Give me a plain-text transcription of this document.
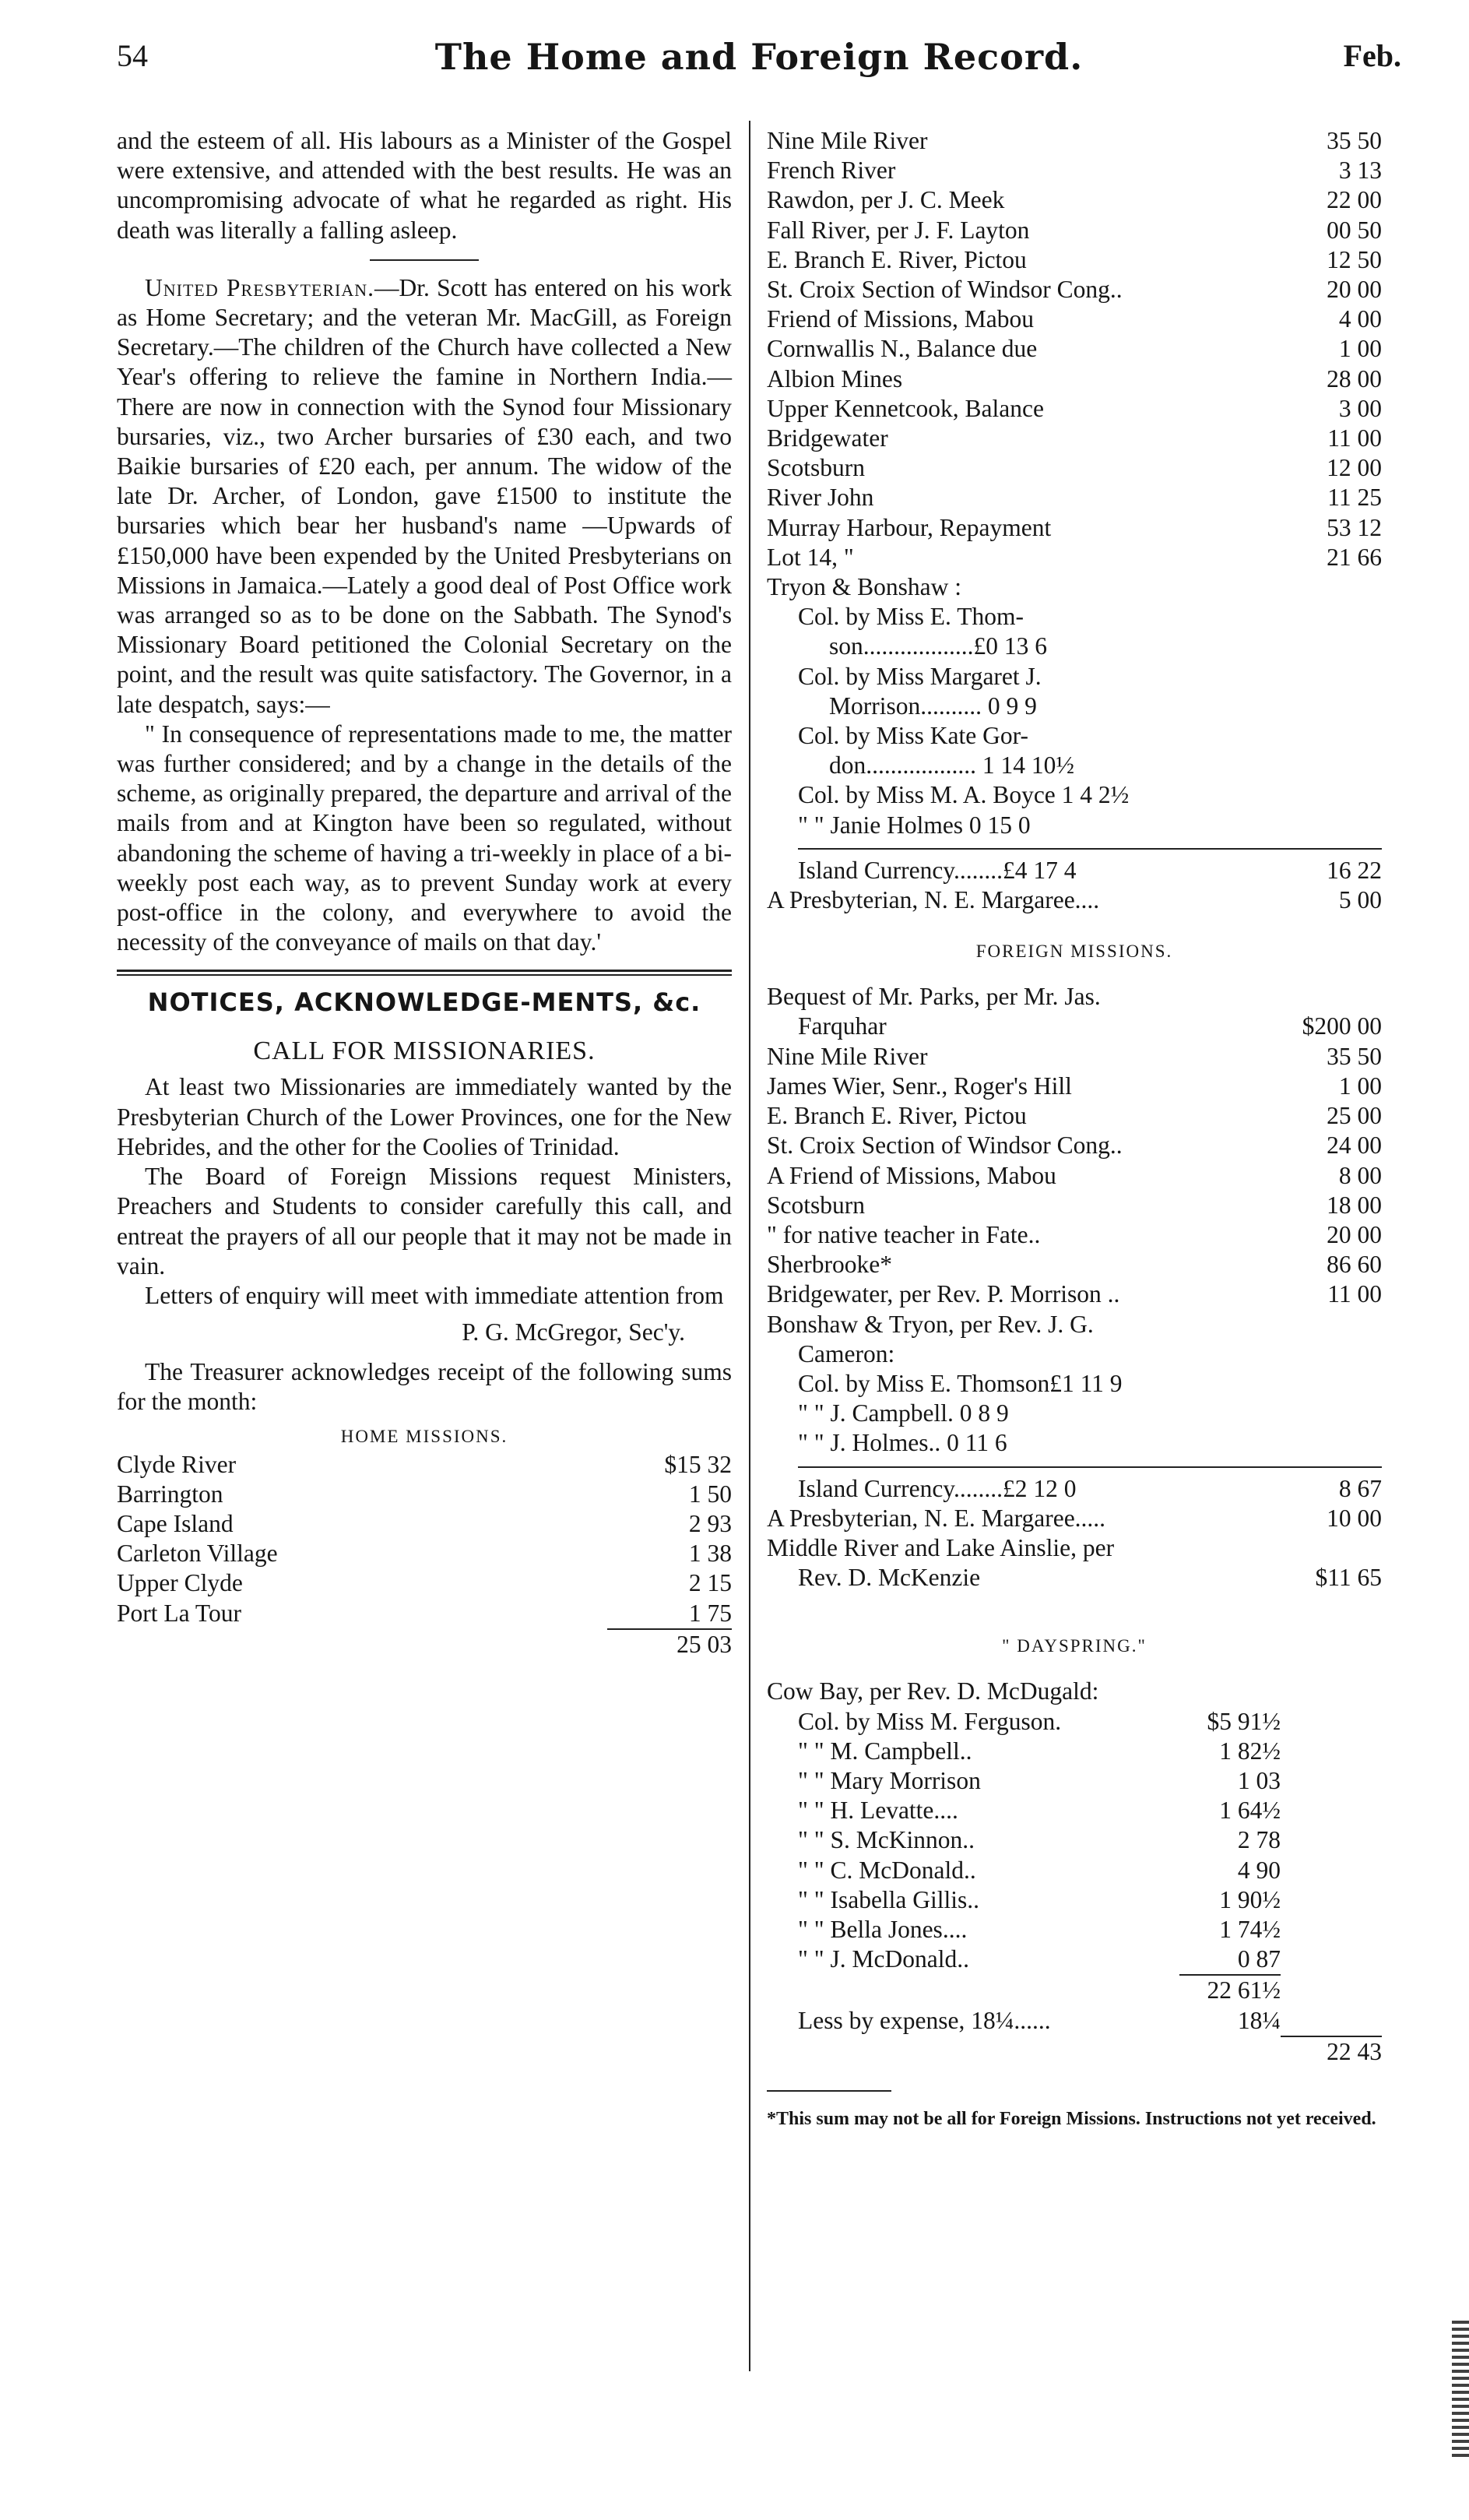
54	The Home and Foreign Record.	Feb.

and the esteem of all. His labours as a Minister of the Gospel were extensive, and attended with the best results. He was an uncompromising advocate of what he regarded as right. His death was literally a falling asleep.

United Presbyterian.—Dr. Scott has entered on his work as Home Secretary; and the veteran Mr. MacGill, as Foreign Secretary.—The children of the Church have collected a New Year's offering to relieve the famine in Northern India.—There are now in connection with the Synod four Missionary bursaries, viz., two Archer bursaries of £30 each, and two Baikie bursaries of £20 each, per annum. The widow of the late Dr. Archer, of London, gave £1500 to institute the bursaries which bear her husband's name —Upwards of £150,000 have been expended by the United Presbyterians on Missions in Jamaica.—Lately a good deal of Post Office work was arranged so as to be done on the Sabbath. The Synod's Missionary Board petitioned the Colonial Secretary on the point, and the result was quite satisfactory. The Governor, in a late despatch, says:—

" In consequence of representations made to me, the matter was further considered; and by a change in the details of the scheme, as originally prepared, the departure and arrival of the mails from and at Kington have been so regulated, without abandoning the scheme of having a tri-weekly in place of a bi-weekly post each way, as to prevent Sunday work at every post-office in the colony, and everywhere to avoid the necessity of the conveyance of mails on that day.'

NOTICES, ACKNOWLEDGE-MENTS, &c.
CALL FOR MISSIONARIES.

At least two Missionaries are immediately wanted by the Presbyterian Church of the Lower Provinces, one for the New Hebrides, and the other for the Coolies of Trinidad.

The Board of Foreign Missions request Ministers, Preachers and Students to consider carefully this call, and entreat the prayers of all our people that it may not be made in vain.

Letters of enquiry will meet with immediate attention from

P. G. McGregor, Sec'y.

The Treasurer acknowledges receipt of the following sums for the month:

HOME MISSIONS.
Clyde River	$15 32
Barrington	1 50
Cape Island	2 93
Carleton Village	1 38
Upper Clyde	2 15
Port La Tour	1 75
25 03
Nine Mile River	35 50
French River	3 13
Rawdon, per J. C. Meek	22 00
Fall River, per J. F. Layton	00 50
E. Branch E. River, Pictou	12 50
St. Croix Section of Windsor Cong..	20 00
Friend of Missions, Mabou	4 00
Cornwallis N., Balance due	1 00
Albion Mines	28 00
Upper Kennetcook, Balance	3 00
Bridgewater	11 00
Scotsburn	12 00
River John	11 25
Murray Harbour, Repayment	53 12
Lot 14, "	21 66
Tryon & Bonshaw :
Col. by Miss E. Thom-
son..................£0 13 6
Col. by Miss Margaret J.
Morrison.......... 0 9 9
Col. by Miss Kate Gor-
don.................. 1 14 10½
Col. by Miss M. A. Boyce 1 4 2½
" " Janie Holmes 0 15 0
Island Currency........£4 17 4	16 22
A Presbyterian, N. E. Margaree....	5 00
FOREIGN MISSIONS.
Bequest of Mr. Parks, per Mr. Jas.
Farquhar	$200 00
Nine Mile River	35 50
James Wier, Senr., Roger's Hill	1 00
E. Branch E. River, Pictou	25 00
St. Croix Section of Windsor Cong..	24 00
A Friend of Missions, Mabou	8 00
Scotsburn	18 00
" for native teacher in Fate..	20 00
Sherbrooke*	86 60
Bridgewater, per Rev. P. Morrison ..	11 00
Bonshaw & Tryon, per Rev. J. G.
Cameron:
Col. by Miss E. Thomson£1 11 9
" " J. Campbell. 0 8 9
" " J. Holmes.. 0 11 6
Island Currency........£2 12 0	8 67
A Presbyterian, N. E. Margaree.....	10 00
Middle River and Lake Ainslie, per
Rev. D. McKenzie	$11 65
" DAYSPRING."
Cow Bay, per Rev. D. McDugald:
Col. by Miss M. Ferguson.	$5 91½
" " M. Campbell..	1 82½
" " Mary Morrison	1 03
" " H. Levatte....	1 64½
" " S. McKinnon..	2 78
" " C. McDonald..	4 90
" " Isabella Gillis..	1 90½
" " Bella Jones....	1 74½
" " J. McDonald..	0 87
22 61½
Less by expense, 18¼......	18¼
22 43
*This sum may not be all for Foreign Missions. Instructions not yet received.
